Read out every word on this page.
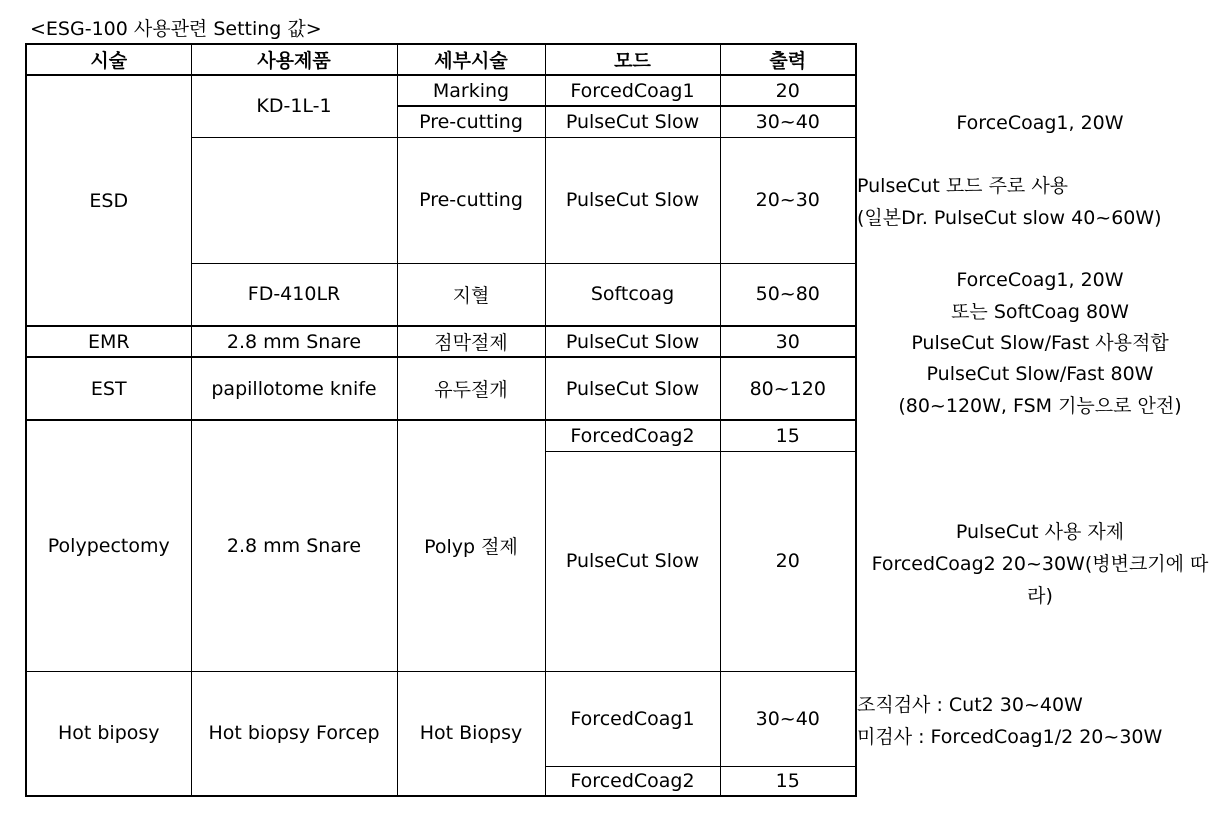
<ESG-100 사용관련 Setting 값>
시술	사용제품	세부시술	모드	출력
ESD	KD-1L-1	Marking	ForcedCoag1	20
		Pre-cutting	PulseCut Slow	30~40
		Pre-cutting	PulseCut Slow	20~30
	FD-410LR	지혈	Softcoag	50~80
EMR	2.8 mm Snare	점막절제	PulseCut Slow	30
EST	papillotome knife	유두절개	PulseCut Slow	80~120
Polypectomy	2.8 mm Snare	Polyp 절제	ForcedCoag2	15
			PulseCut Slow	20
Hot biposy	Hot biopsy Forcep	Hot Biopsy	ForcedCoag1	30~40
			ForcedCoag2	15
ForceCoag1, 20W
PulseCut 모드 주로 사용
(일본Dr. PulseCut slow 40~60W)
ForceCoag1, 20W
또는 SoftCoag 80W
PulseCut Slow/Fast 사용적합
PulseCut Slow/Fast 80W
(80~120W, FSM 기능으로 안전)
PulseCut 사용 자제
ForcedCoag2 20~30W(병변크기에 따
라)
조직검사 : Cut2 30~40W
미검사 : ForcedCoag1/2 20~30W
